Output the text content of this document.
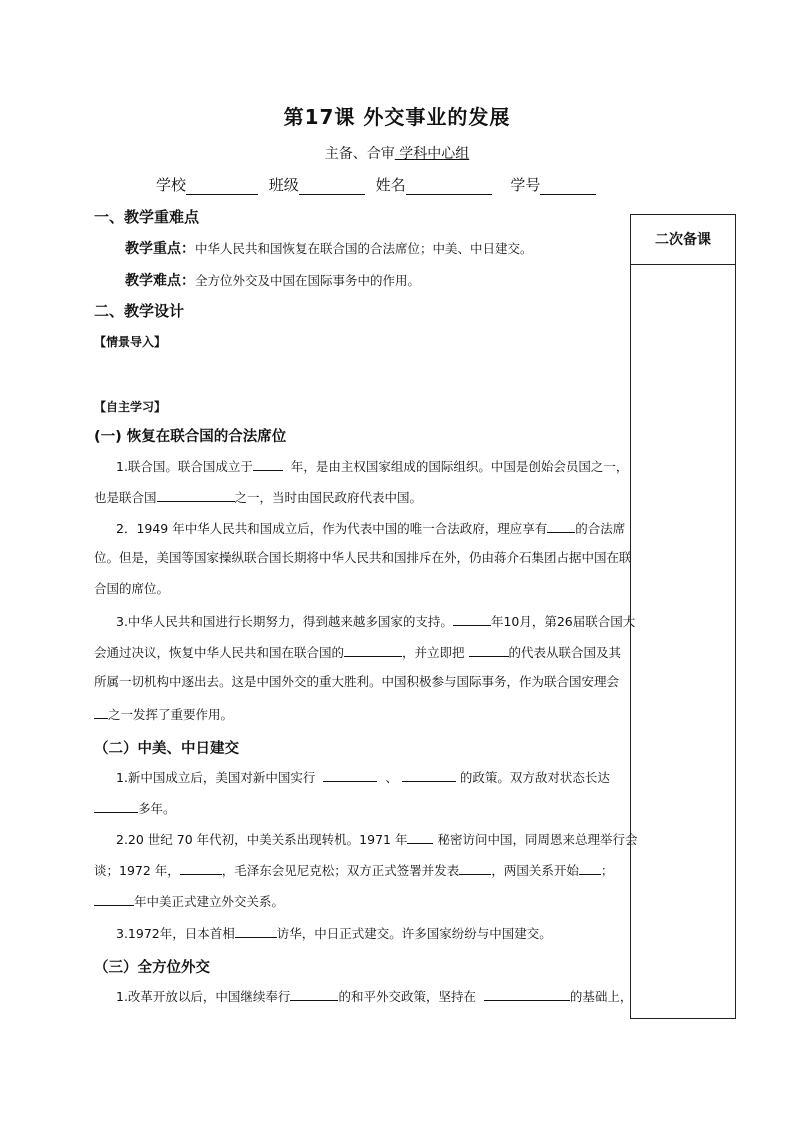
第17课 外交事业的发展
主备、合审 学科中心组
学校	班级	姓名	学号
一、教学重难点
教学重点：中华人民共和国恢复在联合国的合法席位；中美、中日建交。
教学难点：全方位外交及中国在国际事务中的作用。
二、教学设计
【情景导入】
【自主学习】
(一) 恢复在联合国的合法席位
1.联合国。联合国成立于	年，是由主权国家组成的国际组织。中国是创始会员国之一，
也是联合国	之一，当时由国民政府代表中国。
2．1949 年中华人民共和国成立后，作为代表中国的唯一合法政府，理应享有 的合法席
位。但是，美国等国家操纵联合国长期将中华人民共和国排斥在外，仍由蒋介石集团占据中国在联
合国的席位。
3.中华人民共和国进行长期努力，得到越来越多国家的支持。	年10月，第26届联合国大
会通过决议，恢复中华人民共和国在联合国的	，并立即把	的代表从联合国及其
所属一切机构中逐出去。这是中国外交的重大胜利。中国积极参与国际事务，作为联合国安理会
之一发挥了重要作用。
（二）中美、中日建交
1.新中国成立后，美国对新中国实行	、	的政策。双方敌对状态长达
多年。
2.20 世纪 70 年代初，中美关系出现转机。1971 年 秘密访问中国，同周恩来总理举行会
谈；1972 年，	，毛泽东会见尼克松；双方正式签署并发表	，两国关系开始 ；
年中美正式建立外交关系。
3.1972年，日本首相	访华，中日正式建交。许多国家纷纷与中国建交。
（三）全方位外交
1.改革开放以后，中国继续奉行	的和平外交政策，坚持在	的基础上，
二次备课
